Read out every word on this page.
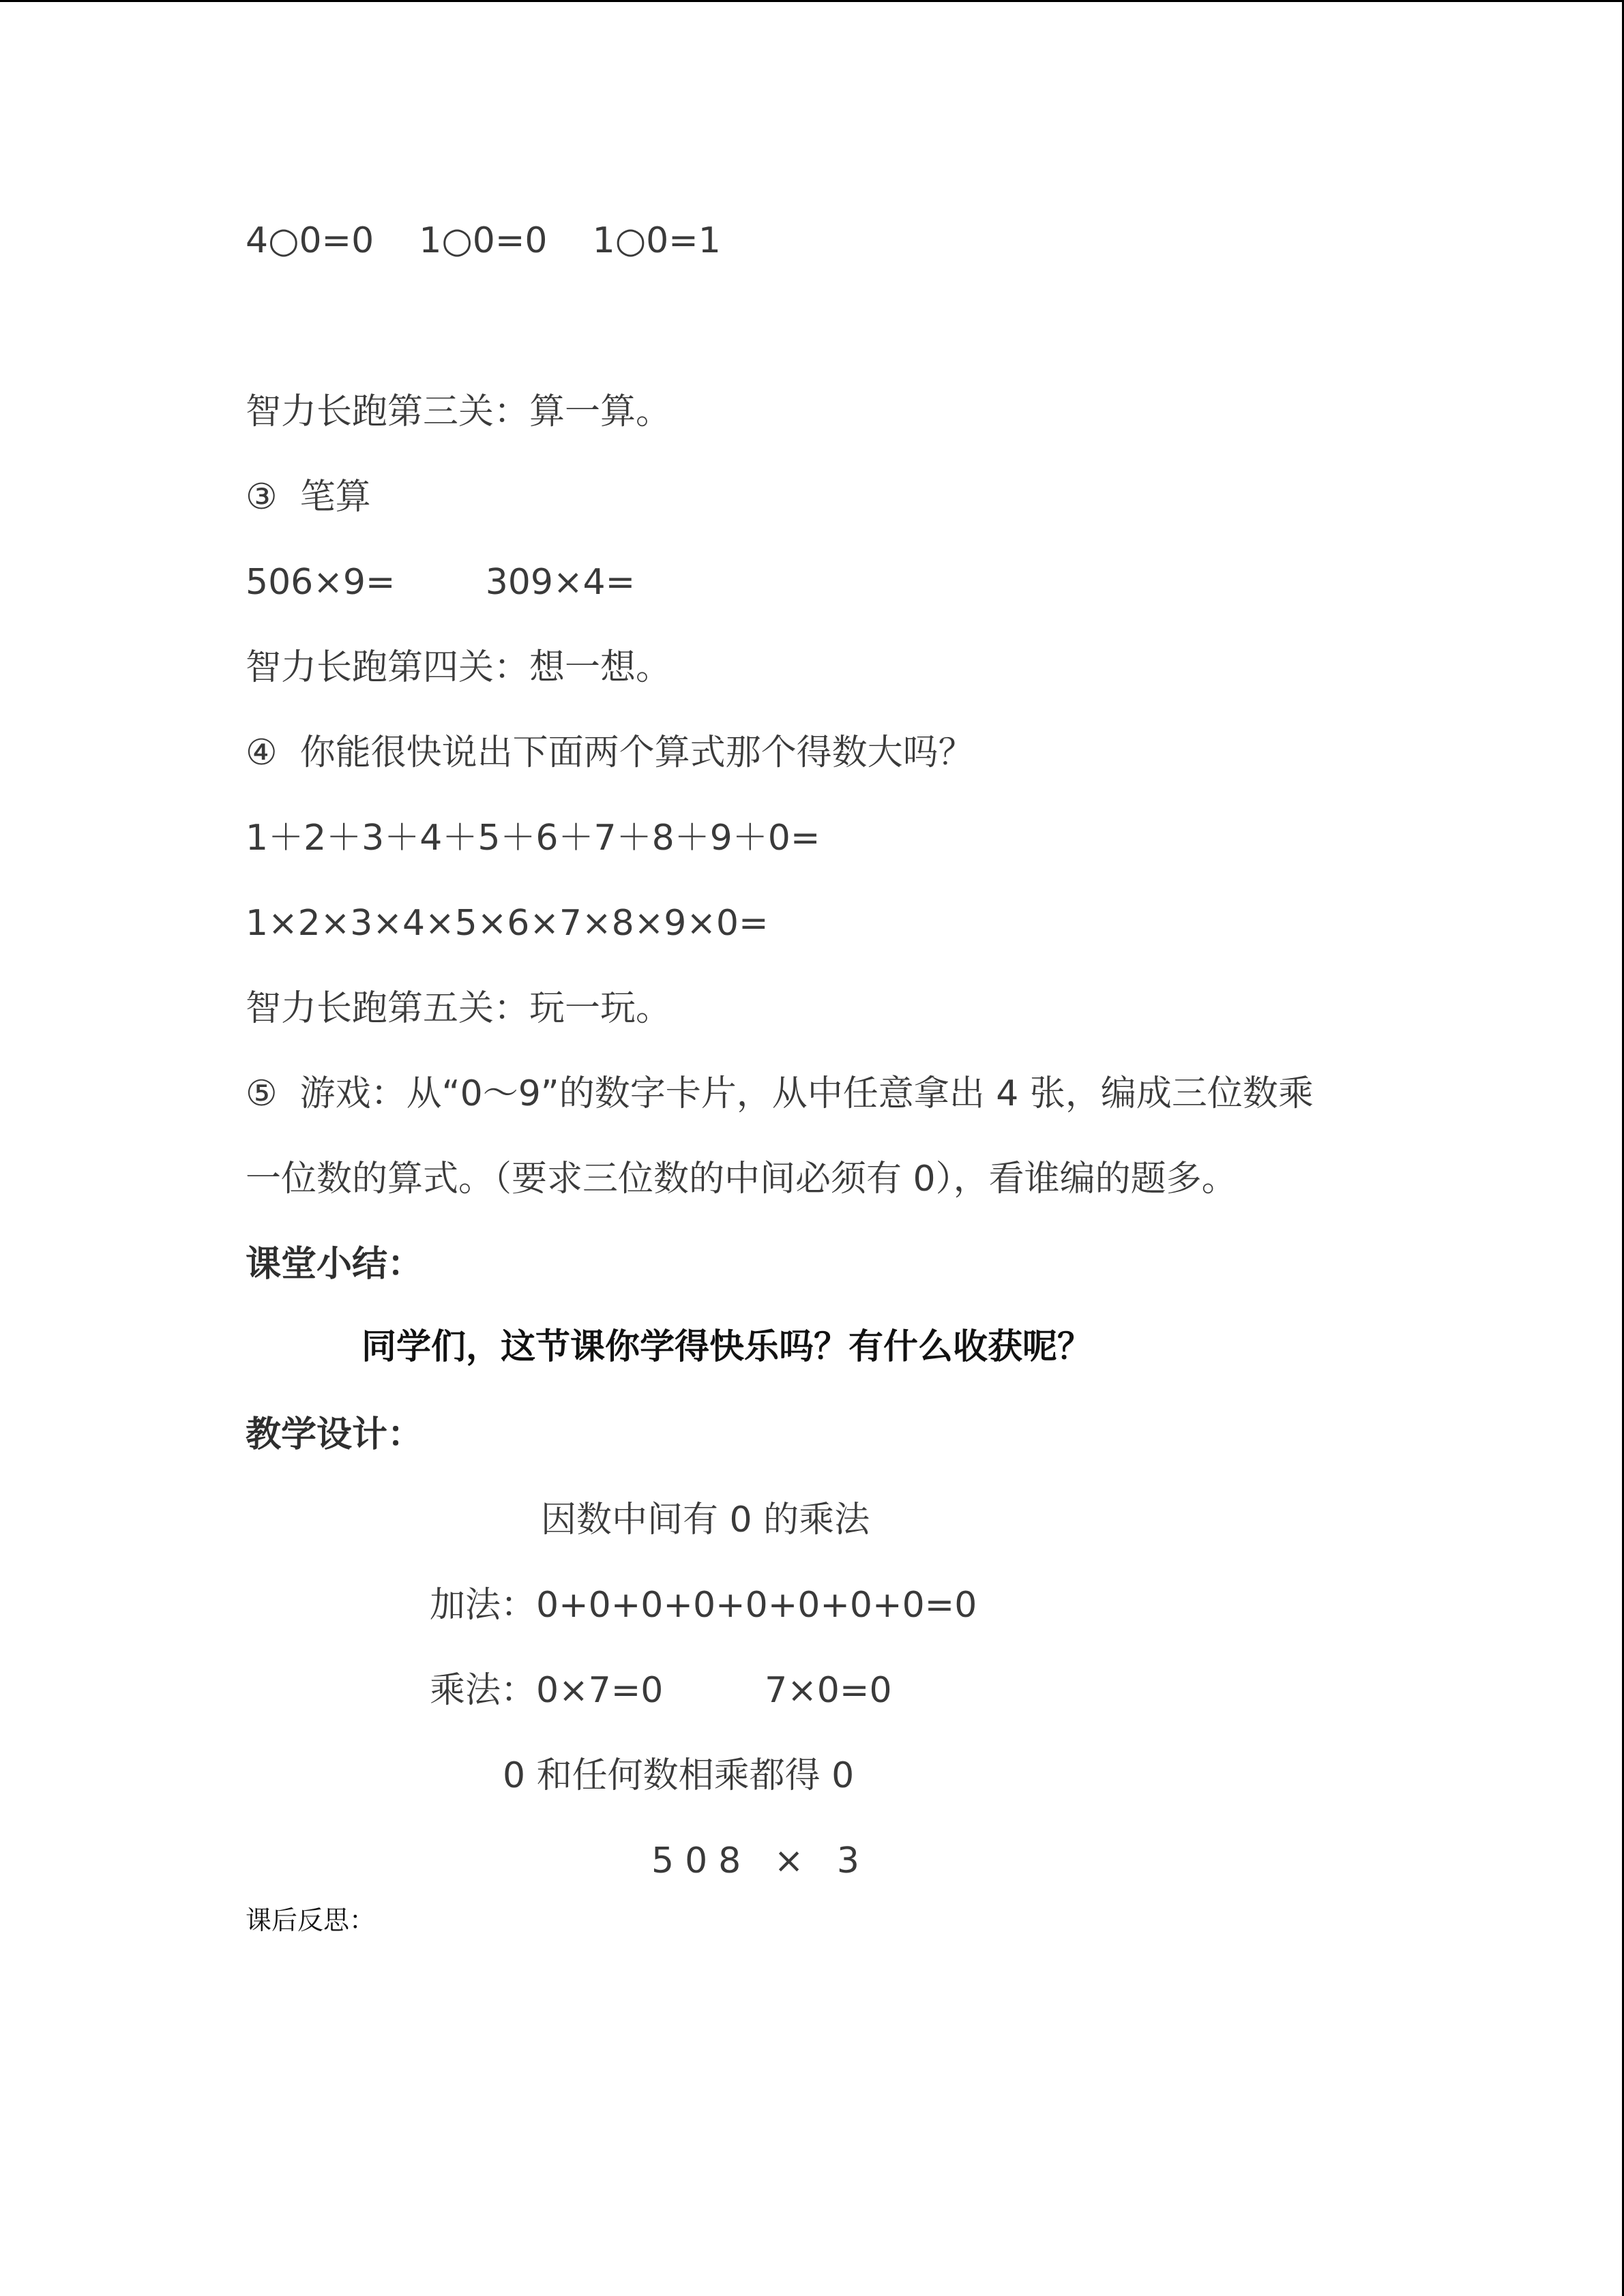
4○0=0    1○0=0    1○0=1
智力长跑第三关：算一算。
③  笔算
506×9=        309×4=
智力长跑第四关：想一想。
④  你能很快说出下面两个算式那个得数大吗？
1＋2＋3＋4＋5＋6＋7＋8＋9＋0=
1×2×3×4×5×6×7×8×9×0=
智力长跑第五关：玩一玩。
⑤  游戏：从“0～9”的数字卡片，从中任意拿出 4 张，编成三位数乘
一位数的算式。（要求三位数的中间必须有 0），看谁编的题多。
课堂小结：
同学们，这节课你学得快乐吗？有什么收获呢？
教学设计：
因数中间有 0 的乘法
加法：0+0+0+0+0+0+0+0=0
乘法：0×7=0         7×0=0
0 和任何数相乘都得 0
508 × 3
课后反思：
